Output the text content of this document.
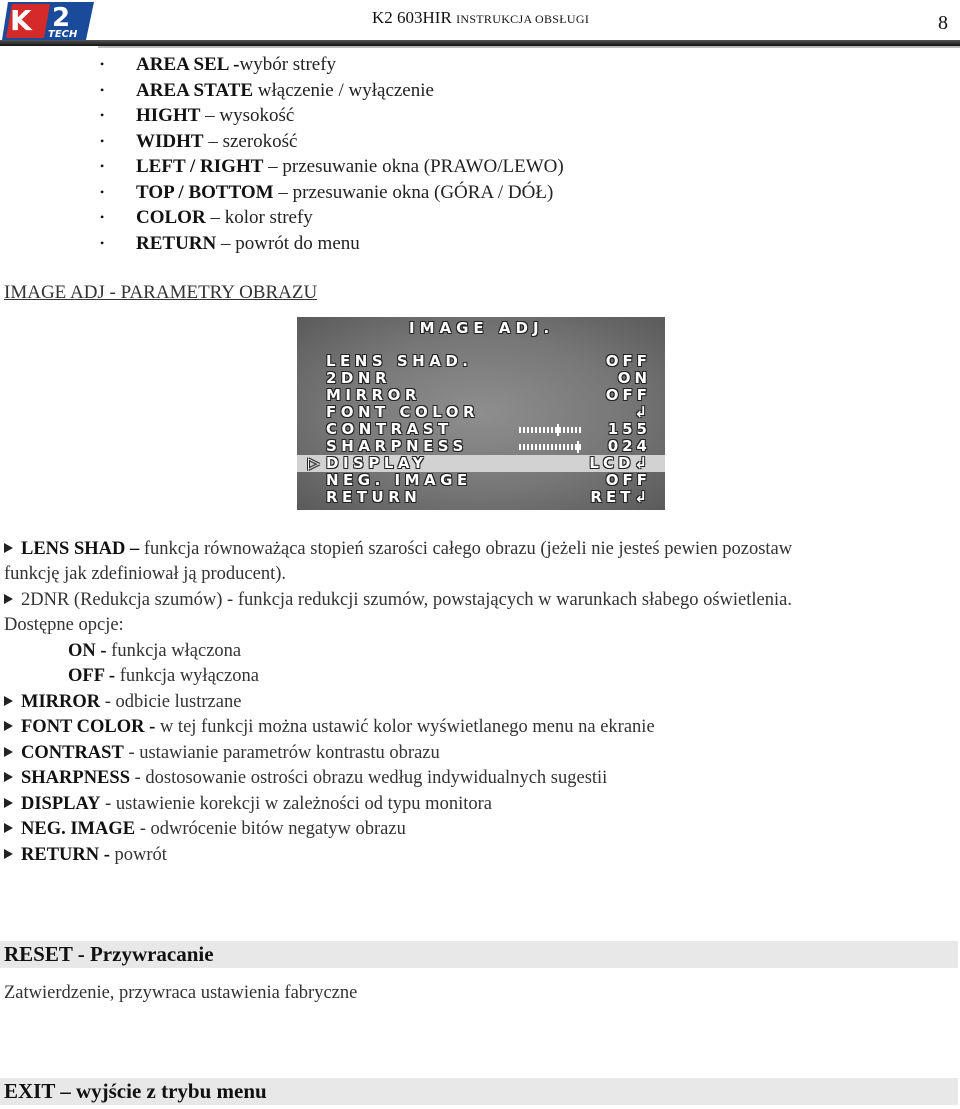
K 2
TECH
K2 603HIR INSTRUKCJA OBSŁUGI	8
• AREA SEL -wybór strefy
• AREA STATE włączenie / wyłączenie
• HIGHT – wysokość
• WIDHT – szerokość
• LEFT / RIGHT – przesuwanie okna (PRAWO/LEWO)
• TOP / BOTTOM – przesuwanie okna (GÓRA / DÓŁ)
• COLOR – kolor strefy
• RETURN – powrót do menu
IMAGE ADJ - PARAMETRY OBRAZU
IMAGE ADJ.
LENS SHAD.	OFF
2DNR	ON
MIRROR	OFF
FONT COLOR	↲
CONTRAST	155
SHARPNESS	024
▷ DISPLAY	LCD↲
NEG. IMAGE	OFF
RETURN	RET↲
LENS SHAD – funkcja równoważąca stopień szarości całego obrazu (jeżeli nie jesteś pewien pozostaw
funkcję jak zdefiniował ją producent).
2DNR (Redukcja szumów) - funkcja redukcji szumów, powstających w warunkach słabego oświetlenia.
Dostępne opcje:
ON - funkcja włączona
OFF - funkcja wyłączona
MIRROR - odbicie lustrzane
FONT COLOR - w tej funkcji można ustawić kolor wyświetlanego menu na ekranie
CONTRAST - ustawianie parametrów kontrastu obrazu
SHARPNESS - dostosowanie ostrości obrazu według indywidualnych sugestii
DISPLAY - ustawienie korekcji w zależności od typu monitora
NEG. IMAGE - odwrócenie bitów negatyw obrazu
RETURN - powrót
RESET - Przywracanie
Zatwierdzenie, przywraca ustawienia fabryczne
EXIT – wyjście z trybu menu
